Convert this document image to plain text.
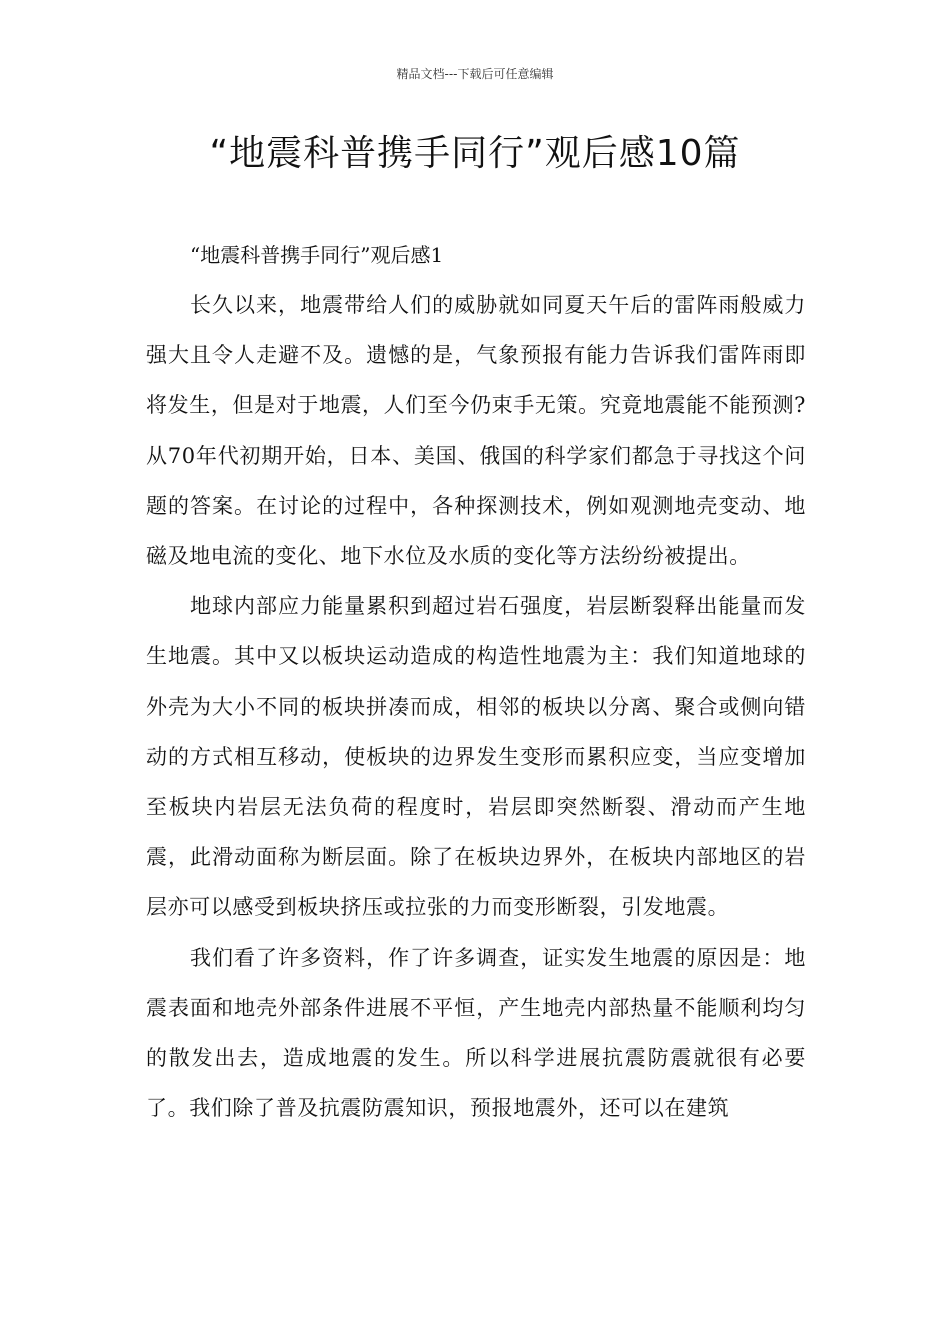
精品文档---下载后可任意编辑
“地震科普携手同行”观后感10篇

“地震科普携手同行”观后感1

长久以来，地震带给人们的威胁就如同夏天午后的雷阵雨般威力强大且令人走避不及。遗憾的是，气象预报有能力告诉我们雷阵雨即将发生，但是对于地震，人们至今仍束手无策。究竟地震能不能预测?从70年代初期开始，日本、美国、俄国的科学家们都急于寻找这个问题的答案。在讨论的过程中，各种探测技术，例如观测地壳变动、地磁及地电流的变化、地下水位及水质的变化等方法纷纷被提出。

地球内部应力能量累积到超过岩石强度，岩层断裂释出能量而发生地震。其中又以板块运动造成的构造性地震为主：我们知道地球的外壳为大小不同的板块拼凑而成，相邻的板块以分离、聚合或侧向错动的方式相互移动，使板块的边界发生变形而累积应变，当应变增加至板块内岩层无法负荷的程度时，岩层即突然断裂、滑动而产生地震，此滑动面称为断层面。除了在板块边界外，在板块内部地区的岩层亦可以感受到板块挤压或拉张的力而变形断裂，引发地震。

我们看了许多资料，作了许多调查，证实发生地震的原因是：地震表面和地壳外部条件进展不平恒，产生地壳内部热量不能顺利均匀的散发出去，造成地震的发生。所以科学进展抗震防震就很有必要了。我们除了普及抗震防震知识，预报地震外，还可以在建筑
